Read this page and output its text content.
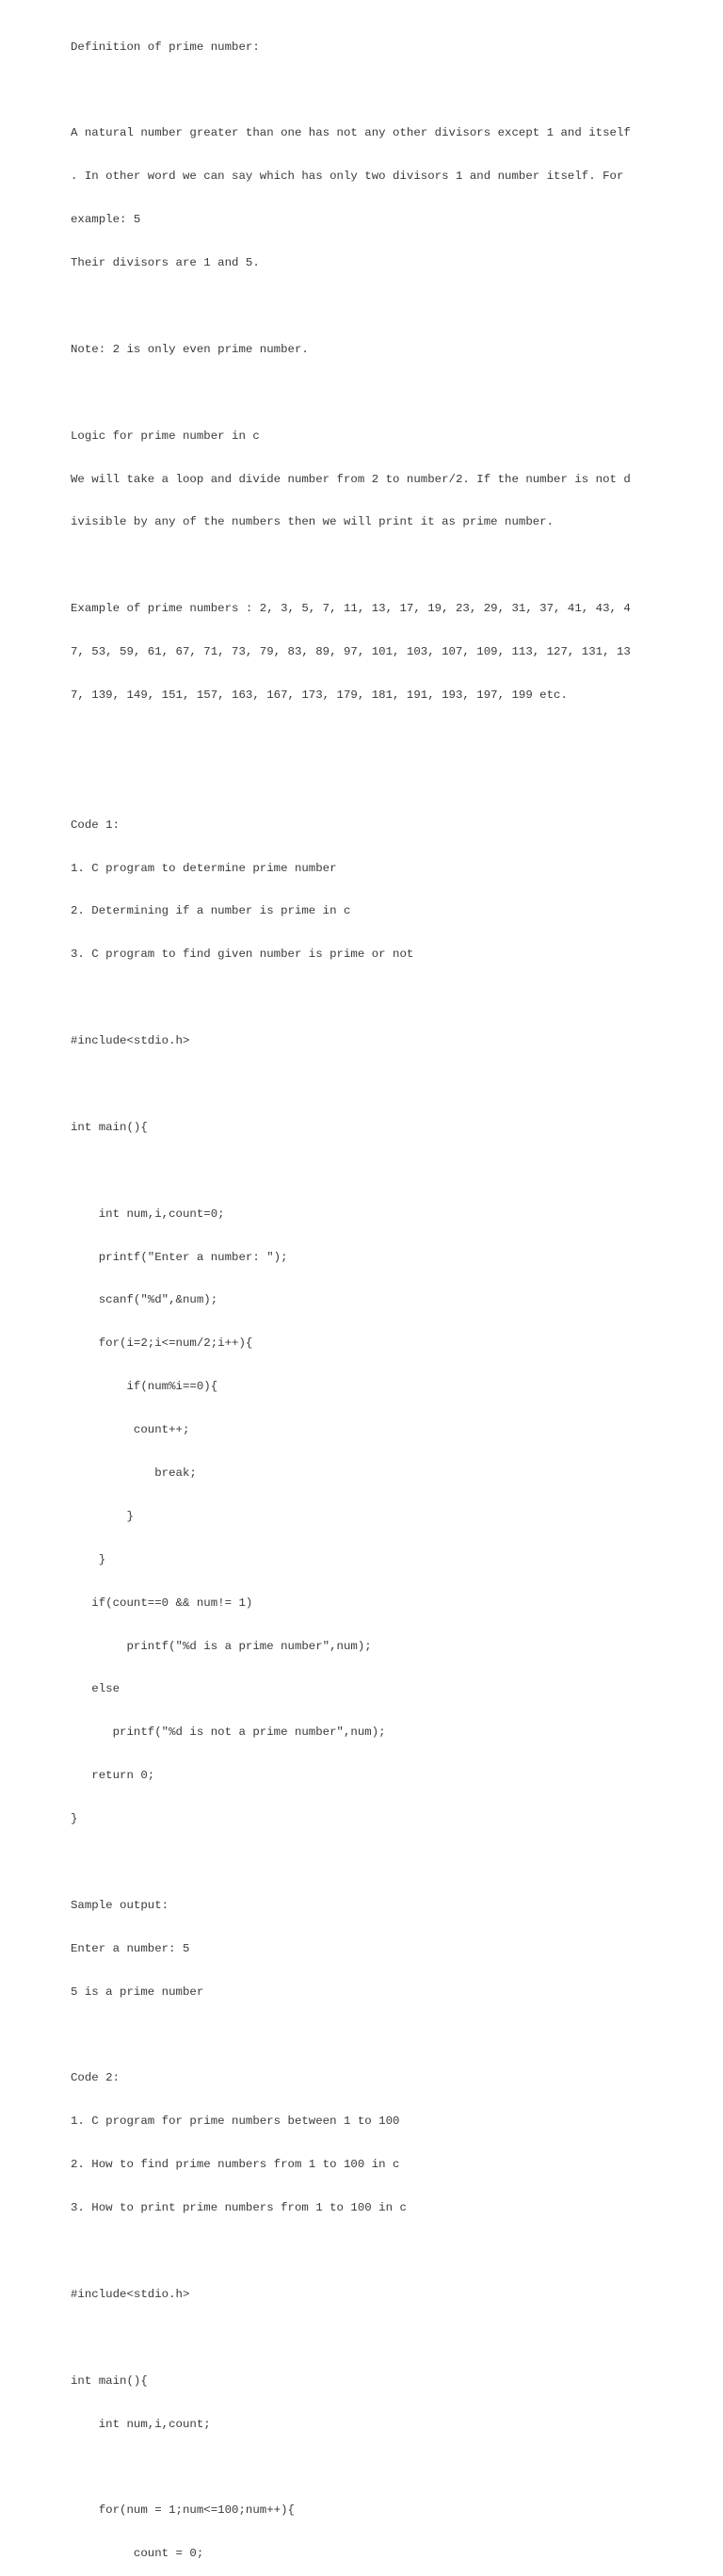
Definition of prime number:

A natural number greater than one has not any other divisors except 1 and itself

. In other word we can say which has only two divisors 1 and number itself. For

example: 5

Their divisors are 1 and 5.

Note: 2 is only even prime number.

Logic for prime number in c

We will take a loop and divide number from 2 to number/2. If the number is not d

ivisible by any of the numbers then we will print it as prime number.

Example of prime numbers : 2, 3, 5, 7, 11, 13, 17, 19, 23, 29, 31, 37, 41, 43, 4

7, 53, 59, 61, 67, 71, 73, 79, 83, 89, 97, 101, 103, 107, 109, 113, 127, 131, 13

7, 139, 149, 151, 157, 163, 167, 173, 179, 181, 191, 193, 197, 199 etc.

Code 1:

1. C program to determine prime number

2. Determining if a number is prime in c

3. C program to find given number is prime or not

#include<stdio.h>

int main(){

int num,i,count=0;

printf("Enter a number: ");

scanf("%d",&num);

for(i=2;i<=num/2;i++){

if(num%i==0){

count++;

break;

}

}

if(count==0 && num!= 1)

printf("%d is a prime number",num);

else

printf("%d is not a prime number",num);

return 0;

}

Sample output:

Enter a number: 5

5 is a prime number

Code 2:

1. C program for prime numbers between 1 to 100

2. How to find prime numbers from 1 to 100 in c

3. How to print prime numbers from 1 to 100 in c

#include<stdio.h>

int main(){

int num,i,count;

for(num = 1;num<=100;num++){

count = 0;
